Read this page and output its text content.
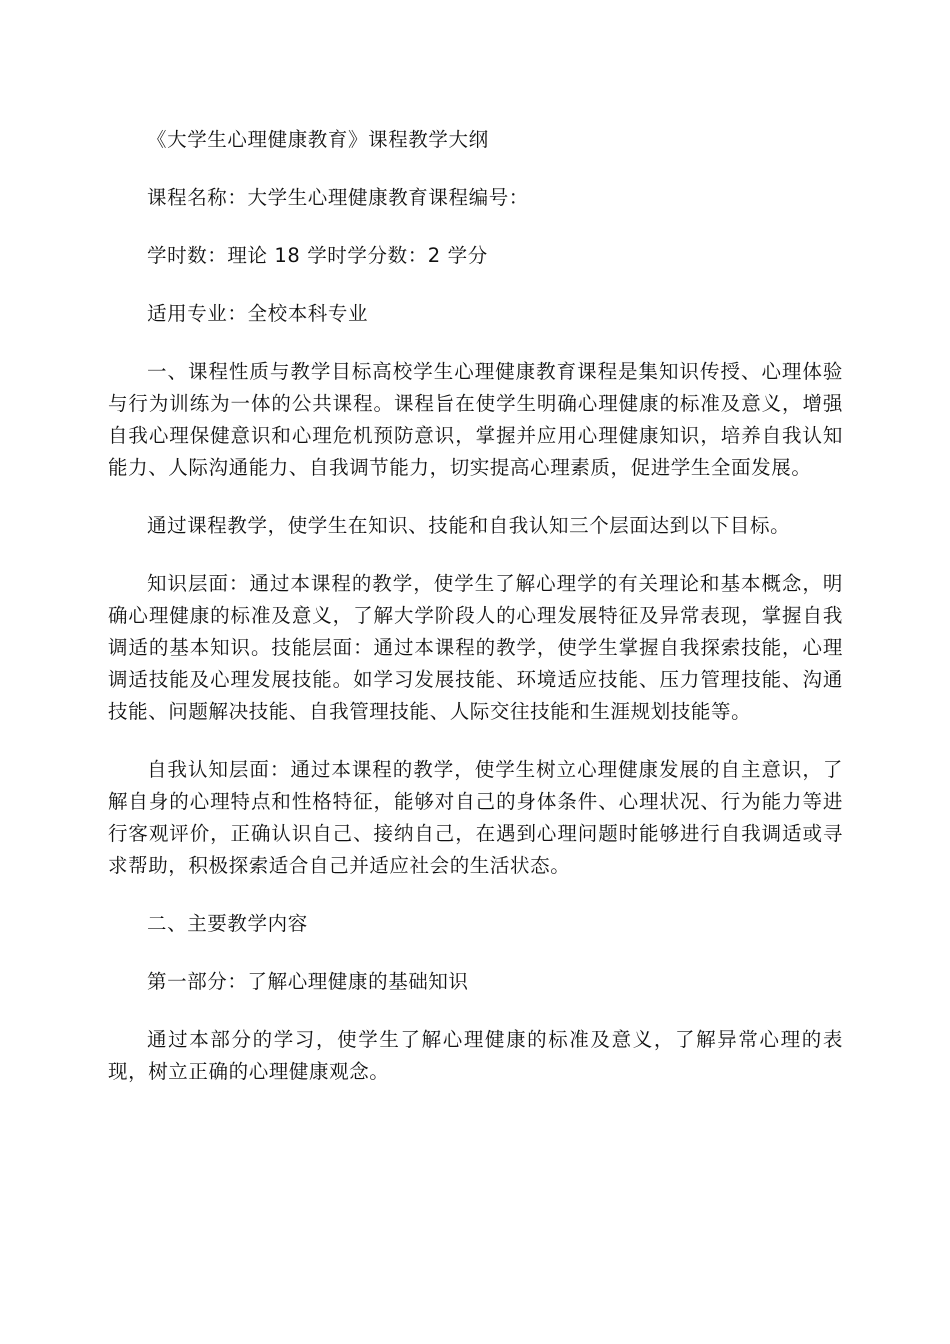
《大学生心理健康教育》课程教学大纲

课程名称：大学生心理健康教育课程编号：

学时数：理论 18 学时学分数：2 学分

适用专业：全校本科专业

一、课程性质与教学目标高校学生心理健康教育课程是集知识传授、心理体验与行为训练为一体的公共课程。课程旨在使学生明确心理健康的标准及意义，增强自我心理保健意识和心理危机预防意识，掌握并应用心理健康知识，培养自我认知能力、人际沟通能力、自我调节能力，切实提高心理素质，促进学生全面发展。

通过课程教学，使学生在知识、技能和自我认知三个层面达到以下目标。

知识层面：通过本课程的教学，使学生了解心理学的有关理论和基本概念，明确心理健康的标准及意义，了解大学阶段人的心理发展特征及异常表现，掌握自我调适的基本知识。技能层面：通过本课程的教学，使学生掌握自我探索技能，心理调适技能及心理发展技能。如学习发展技能、环境适应技能、压力管理技能、沟通技能、问题解决技能、自我管理技能、人际交往技能和生涯规划技能等。

自我认知层面：通过本课程的教学，使学生树立心理健康发展的自主意识，了解自身的心理特点和性格特征，能够对自己的身体条件、心理状况、行为能力等进行客观评价，正确认识自己、接纳自己，在遇到心理问题时能够进行自我调适或寻求帮助，积极探索适合自己并适应社会的生活状态。

二、主要教学内容

第一部分：了解心理健康的基础知识

通过本部分的学习，使学生了解心理健康的标准及意义，了解异常心理的表现，树立正确的心理健康观念。
